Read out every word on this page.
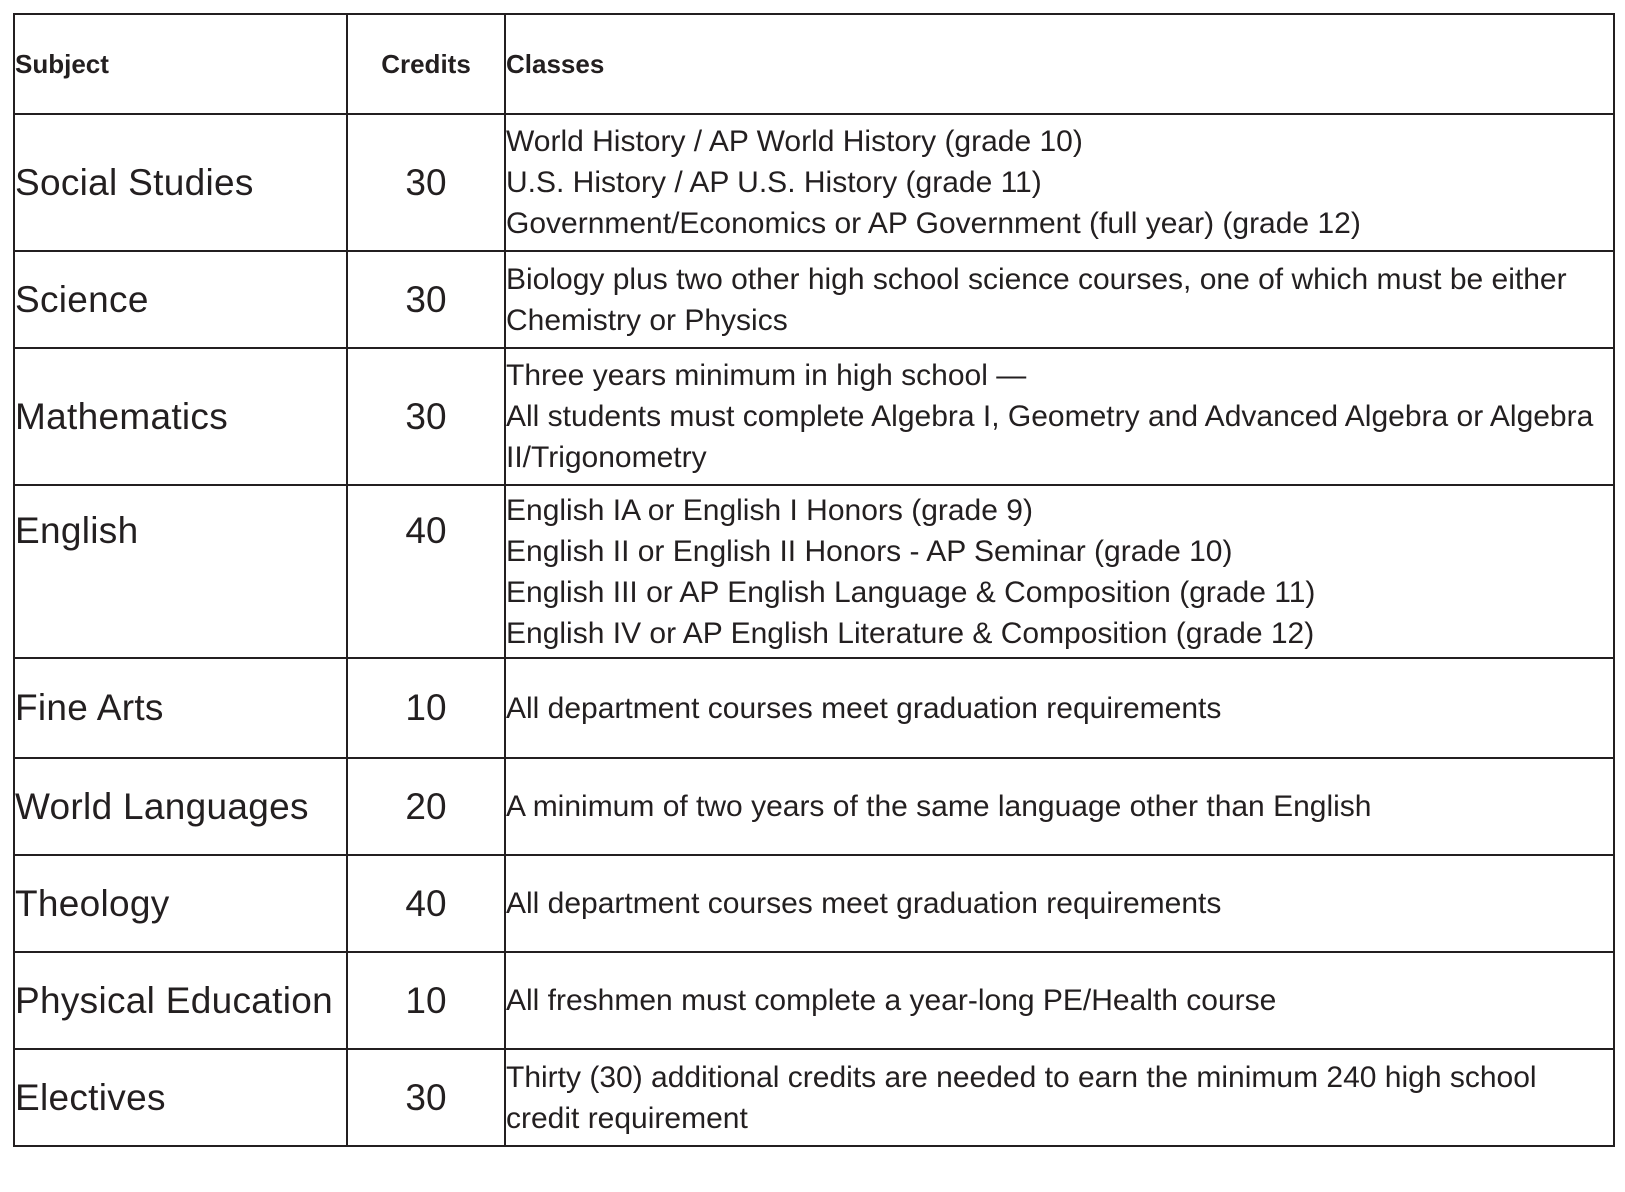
Subject	Credits	Classes
Social Studies	30	World History / AP World History (grade 10)
U.S. History / AP U.S. History (grade 11)
Government/Economics or AP Government (full year) (grade 12)

Science	30	Biology plus two other high school science courses, one of which must be either Chemistry or Physics

Mathematics	30	Three years minimum in high school —
All students must complete Algebra I, Geometry and Advanced Algebra or Algebra II/Trigonometry

English	40	English IA or English I Honors (grade 9)
English II or English II Honors - AP Seminar (grade 10)
English III or AP English Language & Composition (grade 11)
English IV or AP English Literature & Composition (grade 12)

Fine Arts	10	All department courses meet graduation requirements

World Languages	20	A minimum of two years of the same language other than English

Theology	40	All department courses meet graduation requirements

Physical Education	10	All freshmen must complete a year-long PE/Health course

Electives	30	Thirty (30) additional credits are needed to earn the minimum 240 high school credit requirement
